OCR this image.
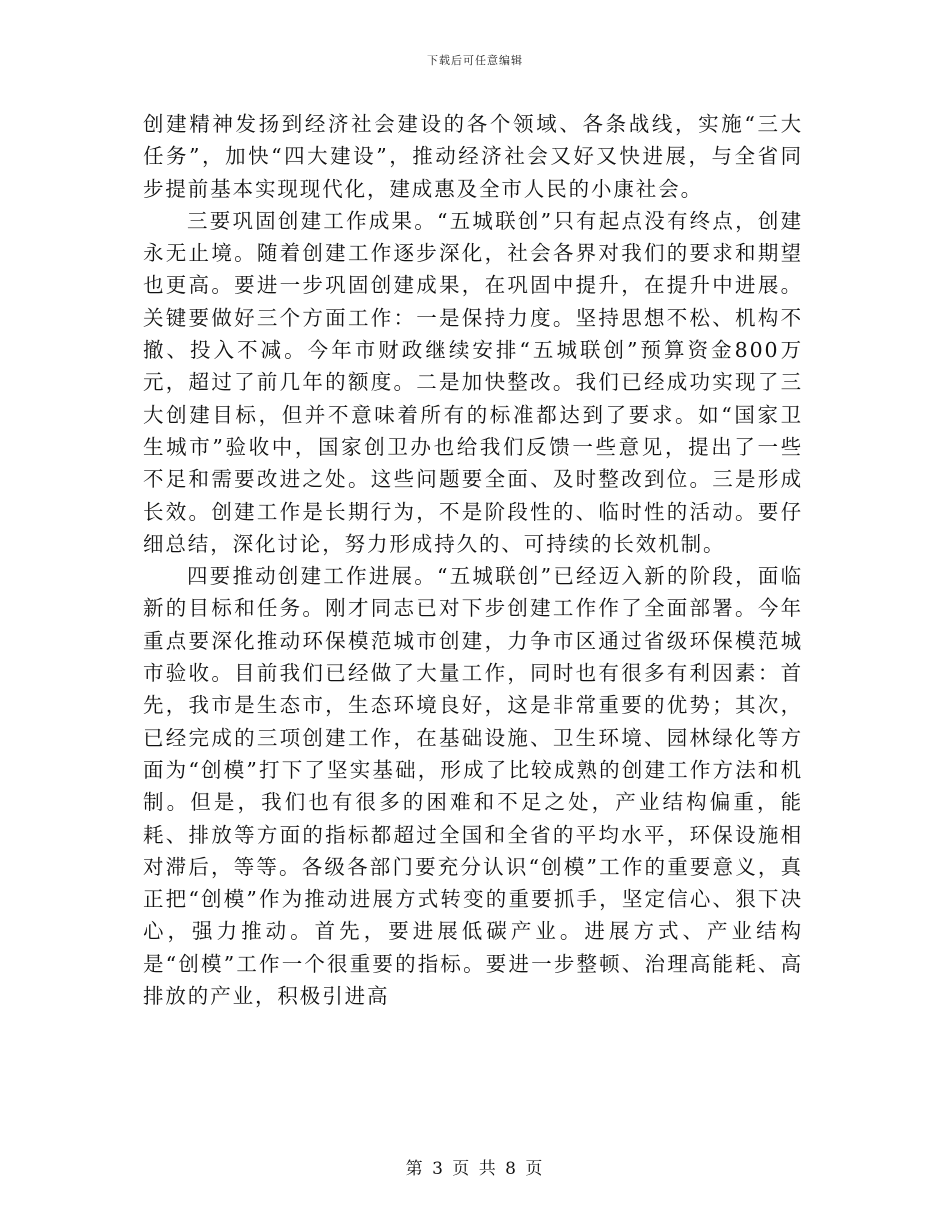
下载后可任意编辑

创建精神发扬到经济社会建设的各个领域、各条战线，实施“三大任务”，加快“四大建设”，推动经济社会又好又快进展，与全省同步提前基本实现现代化，建成惠及全市人民的小康社会。

三要巩固创建工作成果。“五城联创”只有起点没有终点，创建永无止境。随着创建工作逐步深化，社会各界对我们的要求和期望也更高。要进一步巩固创建成果，在巩固中提升，在提升中进展。关键要做好三个方面工作：一是保持力度。坚持思想不松、机构不撤、投入不减。今年市财政继续安排“五城联创”预算资金800万元，超过了前几年的额度。二是加快整改。我们已经成功实现了三大创建目标，但并不意味着所有的标准都达到了要求。如“国家卫生城市”验收中，国家创卫办也给我们反馈一些意见，提出了一些不足和需要改进之处。这些问题要全面、及时整改到位。三是形成长效。创建工作是长期行为，不是阶段性的、临时性的活动。要仔细总结，深化讨论，努力形成持久的、可持续的长效机制。

四要推动创建工作进展。“五城联创”已经迈入新的阶段，面临新的目标和任务。刚才同志已对下步创建工作作了全面部署。今年重点要深化推动环保模范城市创建，力争市区通过省级环保模范城市验收。目前我们已经做了大量工作，同时也有很多有利因素：首先，我市是生态市，生态环境良好，这是非常重要的优势；其次，已经完成的三项创建工作，在基础设施、卫生环境、园林绿化等方面为“创模”打下了坚实基础，形成了比较成熟的创建工作方法和机制。但是，我们也有很多的困难和不足之处，产业结构偏重，能耗、排放等方面的指标都超过全国和全省的平均水平，环保设施相对滞后，等等。各级各部门要充分认识“创模”工作的重要意义，真正把“创模”作为推动进展方式转变的重要抓手，坚定信心、狠下决心，强力推动。首先，要进展低碳产业。进展方式、产业结构是“创模”工作一个很重要的指标。要进一步整顿、治理高能耗、高排放的产业，积极引进高

第 3 页 共 8 页
